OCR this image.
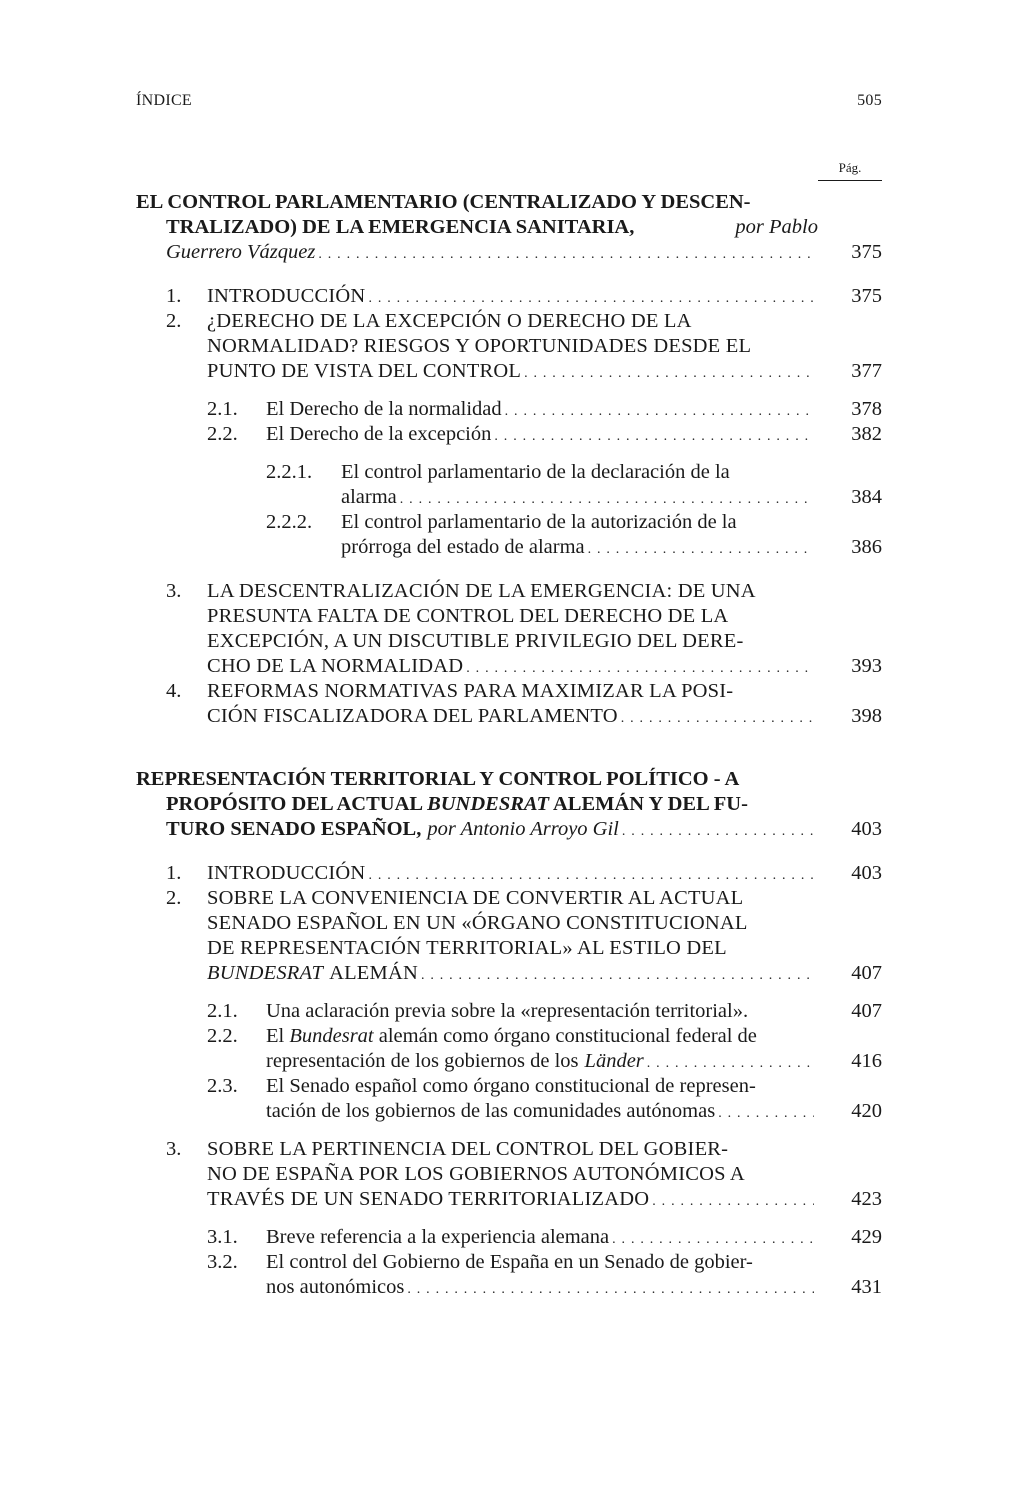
ÍNDICE	505
Pág.
EL CONTROL PARLAMENTARIO (CENTRALIZADO Y DESCEN-
TRALIZADO) DE LA EMERGENCIA SANITARIA,	por Pablo
Guerrero Vázquez . . .	375
1. INTRODUCCIÓN . . .	375
2. ¿DERECHO DE LA EXCEPCIÓN O DERECHO DE LA
NORMALIDAD? RIESGOS Y OPORTUNIDADES DESDE EL
PUNTO DE VISTA DEL CONTROL . . .	377
2.1. El Derecho de la normalidad . . .	378
2.2. El Derecho de la excepción . . .	382
2.2.1. El control parlamentario de la declaración de la
alarma . . .	384
2.2.2. El control parlamentario de la autorización de la
prórroga del estado de alarma . . .	386
3. LA DESCENTRALIZACIÓN DE LA EMERGENCIA: DE UNA
PRESUNTA FALTA DE CONTROL DEL DERECHO DE LA
EXCEPCIÓN, A UN DISCUTIBLE PRIVILEGIO DEL DERE-
CHO DE LA NORMALIDAD . . .	393
4. REFORMAS NORMATIVAS PARA MAXIMIZAR LA POSI-
CIÓN FISCALIZADORA DEL PARLAMENTO . . .	398
REPRESENTACIÓN TERRITORIAL Y CONTROL POLÍTICO - A
PROPÓSITO DEL ACTUAL BUNDESRAT ALEMÁN Y DEL FU-
TURO SENADO ESPAÑOL, por Antonio Arroyo Gil . . .	403
1. INTRODUCCIÓN . . .	403
2. SOBRE LA CONVENIENCIA DE CONVERTIR AL ACTUAL
SENADO ESPAÑOL EN UN «ÓRGANO CONSTITUCIONAL
DE REPRESENTACIÓN TERRITORIAL» AL ESTILO DEL
BUNDESRAT ALEMÁN . . .	407
2.1. Una aclaración previa sobre la «representación territorial».	407
2.2. El Bundesrat alemán como órgano constitucional federal de
representación de los gobiernos de los Länder . . .	416
2.3. El Senado español como órgano constitucional de represen-
tación de los gobiernos de las comunidades autónomas . . .	420
3. SOBRE LA PERTINENCIA DEL CONTROL DEL GOBIER-
NO DE ESPAÑA POR LOS GOBIERNOS AUTONÓMICOS A
TRAVÉS DE UN SENADO TERRITORIALIZADO . . .	423
3.1. Breve referencia a la experiencia alemana . . .	429
3.2. El control del Gobierno de España en un Senado de gobier-
nos autonómicos . . .	431
